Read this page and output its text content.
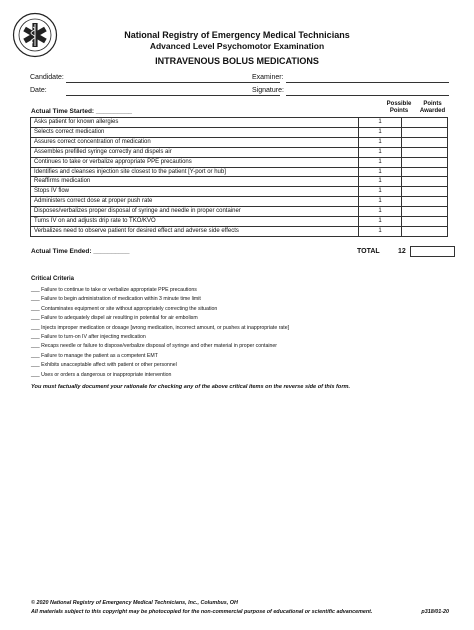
National Registry of Emergency Medical Technicians
Advanced Level Psychomotor Examination
INTRAVENOUS BOLUS MEDICATIONS
Candidate:	Examiner:
Date:	Signature:
Possible
Points
Points
Awarded
Actual Time Started: __________
Asks patient for known allergies	1	
Selects correct medication	1	
Assures correct concentration of medication	1	
Assembles prefilled syringe correctly and dispels air	1	
Continues to take or verbalize appropriate PPE precautions	1	
Identifies and cleanses injection site closest to the patient [Y-port or hub]	1	
Reaffirms medication	1	
Stops IV flow	1	
Administers correct dose at proper push rate	1	
Disposes/verbalizes proper disposal of syringe and needle in proper container	1	
Turns IV on and adjusts drip rate to TKO/KVO	1	
Verbalizes need to observe patient for desired effect and adverse side effects	1	
Actual Time Ended: __________	TOTAL	12
Critical Criteria
___ Failure to continue to take or verbalize appropriate PPE precautions
___ Failure to begin administration of medication within 3 minute time limit
___ Contaminates equipment or site without appropriately correcting the situation
___ Failure to adequately dispel air resulting in potential for air embolism
___ Injects improper medication or dosage [wrong medication, incorrect amount, or pushes at inappropriate rate]
___ Failure to turn-on IV after injecting medication
___ Recaps needle or failure to dispose/verbalize disposal of syringe and other material in proper container
___ Failure to manage the patient as a competent EMT
___ Exhibits unacceptable affect with patient or other personnel
___ Uses or orders a dangerous or inappropriate intervention
You must factually document your rationale for checking any of the above critical items on the reverse side of this form.
© 2020 National Registry of Emergency Medical Technicians, Inc., Columbus, OH
All materials subject to this copyright may be photocopied for the non-commercial purpose of educational or scientific advancement.	p318/01-20
